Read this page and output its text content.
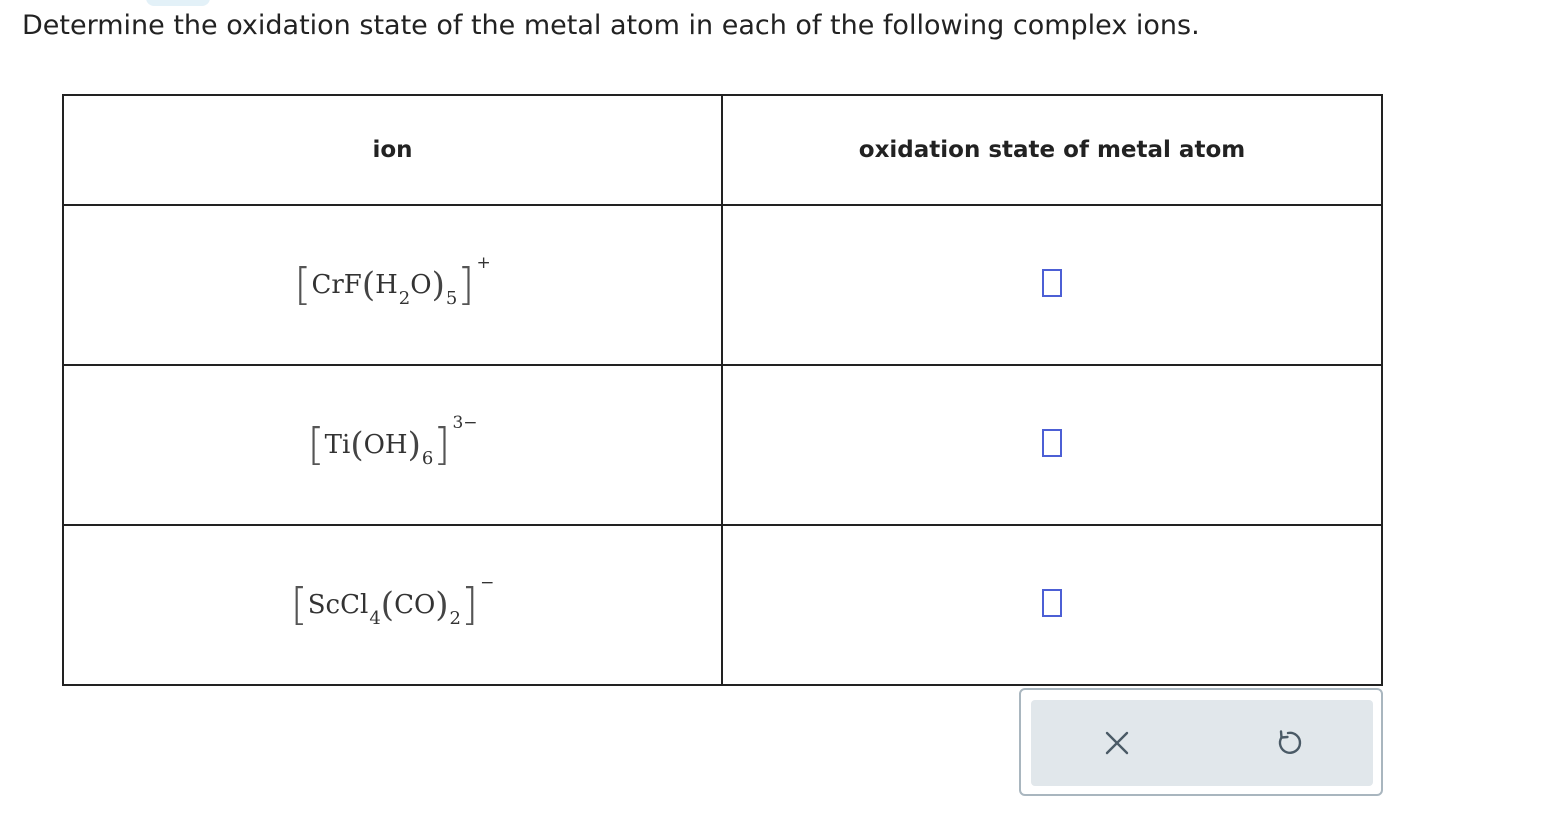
Determine the oxidation state of the metal atom in each of the following complex ions.
ion	oxidation state of metal atom
$[CrF(H_2O)_5]$ +	
$[Ti(OH)_6]$ $^{3-}$	
$[ScCl_4(CO)_2]$ −	
